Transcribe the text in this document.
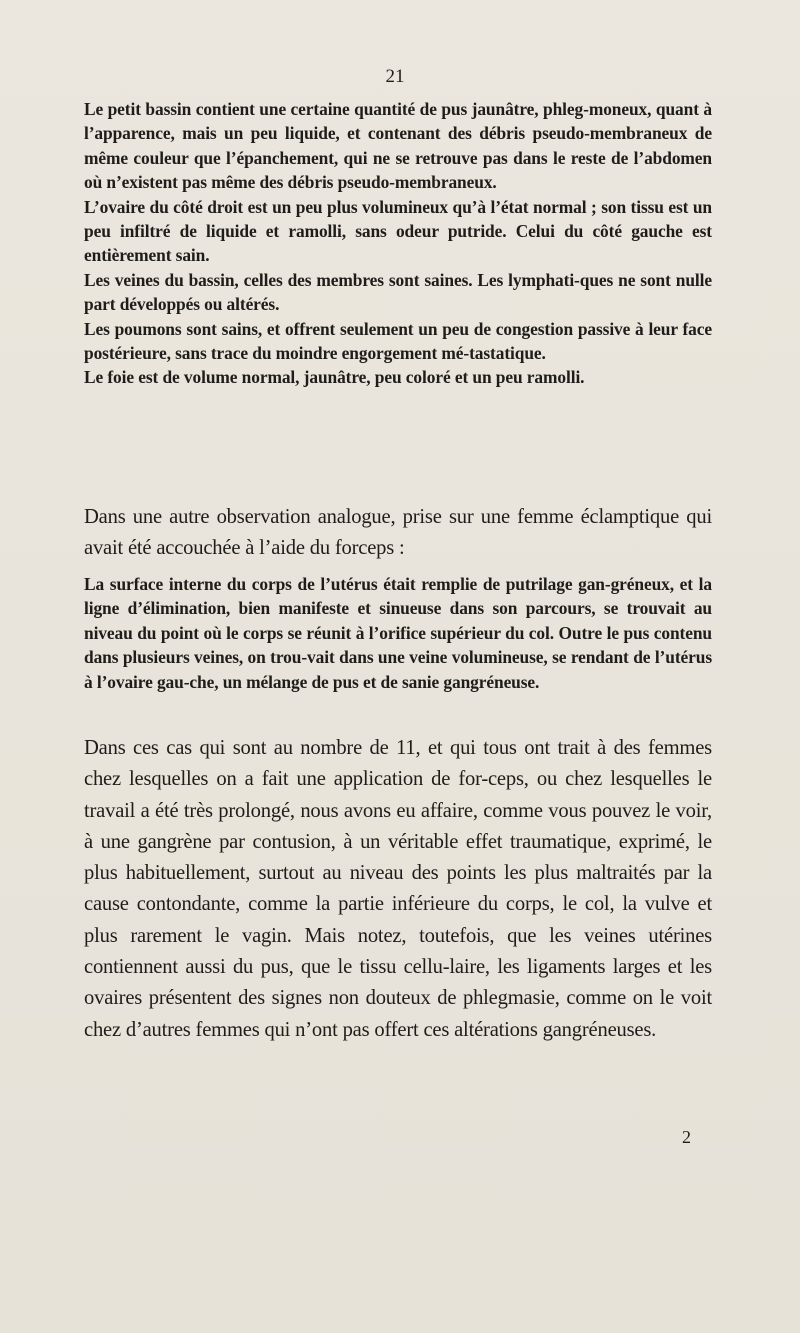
21

Le petit bassin contient une certaine quantité de pus jaunâtre, phleg-moneux, quant à l’apparence, mais un peu liquide, et contenant des débris pseudo-membraneux de même couleur que l’épanchement, qui ne se retrouve pas dans le reste de l’abdomen où n’existent pas même des débris pseudo-membraneux.

L’ovaire du côté droit est un peu plus volumineux qu’à l’état normal ; son tissu est un peu infiltré de liquide et ramolli, sans odeur putride. Celui du côté gauche est entièrement sain.

Les veines du bassin, celles des membres sont saines. Les lymphati-ques ne sont nulle part développés ou altérés.

Les poumons sont sains, et offrent seulement un peu de congestion passive à leur face postérieure, sans trace du moindre engorgement mé-tastatique.

Le foie est de volume normal, jaunâtre, peu coloré et un peu ramolli.

Dans une autre observation analogue, prise sur une femme éclamptique qui avait été accouchée à l’aide du forceps :

La surface interne du corps de l’utérus était remplie de putrilage gan-gréneux, et la ligne d’élimination, bien manifeste et sinueuse dans son parcours, se trouvait au niveau du point où le corps se réunit à l’orifice supérieur du col. Outre le pus contenu dans plusieurs veines, on trou-vait dans une veine volumineuse, se rendant de l’utérus à l’ovaire gau-che, un mélange de pus et de sanie gangréneuse.

Dans ces cas qui sont au nombre de 11, et qui tous ont trait à des femmes chez lesquelles on a fait une application de for-ceps, ou chez lesquelles le travail a été très prolongé, nous avons eu affaire, comme vous pouvez le voir, à une gangrène par contusion, à un véritable effet traumatique, exprimé, le plus habituellement, surtout au niveau des points les plus maltraités par la cause contondante, comme la partie inférieure du corps, le col, la vulve et plus rarement le vagin. Mais notez, toutefois, que les veines utérines contiennent aussi du pus, que le tissu cellu-laire, les ligaments larges et les ovaires présentent des signes non douteux de phlegmasie, comme on le voit chez d’autres femmes qui n’ont pas offert ces altérations gangréneuses.

2
